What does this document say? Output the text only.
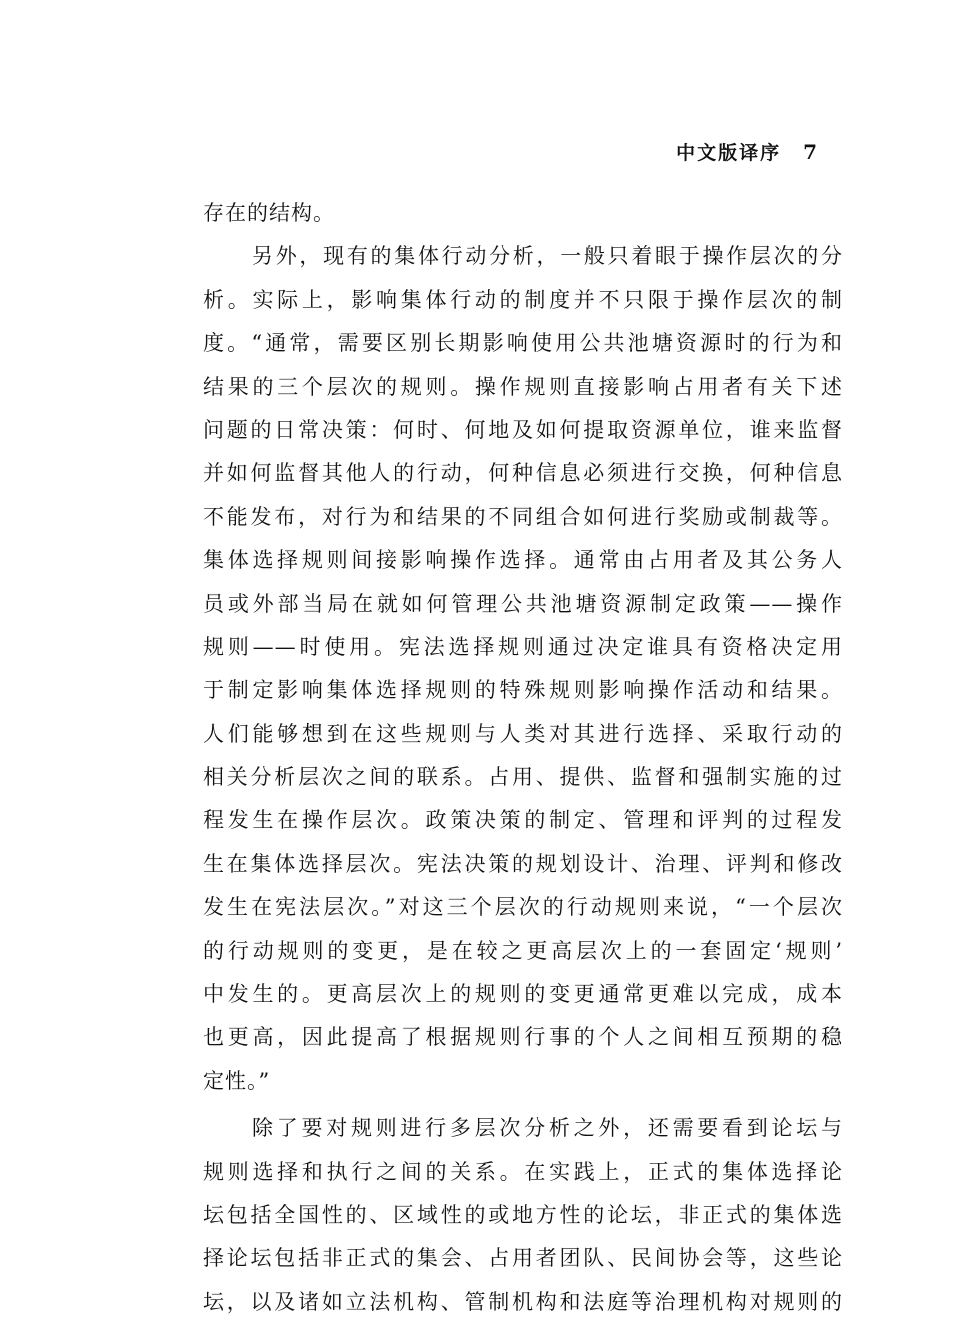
中文版译序 7
存在的结构。
另外，现有的集体行动分析，一般只着眼于操作层次的分
析。实际上，影响集体行动的制度并不只限于操作层次的制
度。“通常，需要区别长期影响使用公共池塘资源时的行为和
结果的三个层次的规则。操作规则直接影响占用者有关下述
问题的日常决策：何时、何地及如何提取资源单位，谁来监督
并如何监督其他人的行动，何种信息必须进行交换，何种信息
不能发布，对行为和结果的不同组合如何进行奖励或制裁等。
集体选择规则间接影响操作选择。通常由占用者及其公务人
员或外部当局在就如何管理公共池塘资源制定政策——操作
规则——时使用。宪法选择规则通过决定谁具有资格决定用
于制定影响集体选择规则的特殊规则影响操作活动和结果。
人们能够想到在这些规则与人类对其进行选择、采取行动的
相关分析层次之间的联系。占用、提供、监督和强制实施的过
程发生在操作层次。政策决策的制定、管理和评判的过程发
生在集体选择层次。宪法决策的规划设计、治理、评判和修改
发生在宪法层次。”对这三个层次的行动规则来说，“一个层次
的行动规则的变更，是在较之更高层次上的一套固定‘规则’
中发生的。更高层次上的规则的变更通常更难以完成，成本
也更高，因此提高了根据规则行事的个人之间相互预期的稳
定性。”
除了要对规则进行多层次分析之外，还需要看到论坛与
规则选择和执行之间的关系。在实践上，正式的集体选择论
坛包括全国性的、区域性的或地方性的论坛，非正式的集体选
择论坛包括非正式的集会、占用者团队、民间协会等，这些论
坛，以及诸如立法机构、管制机构和法庭等治理机构对规则的
